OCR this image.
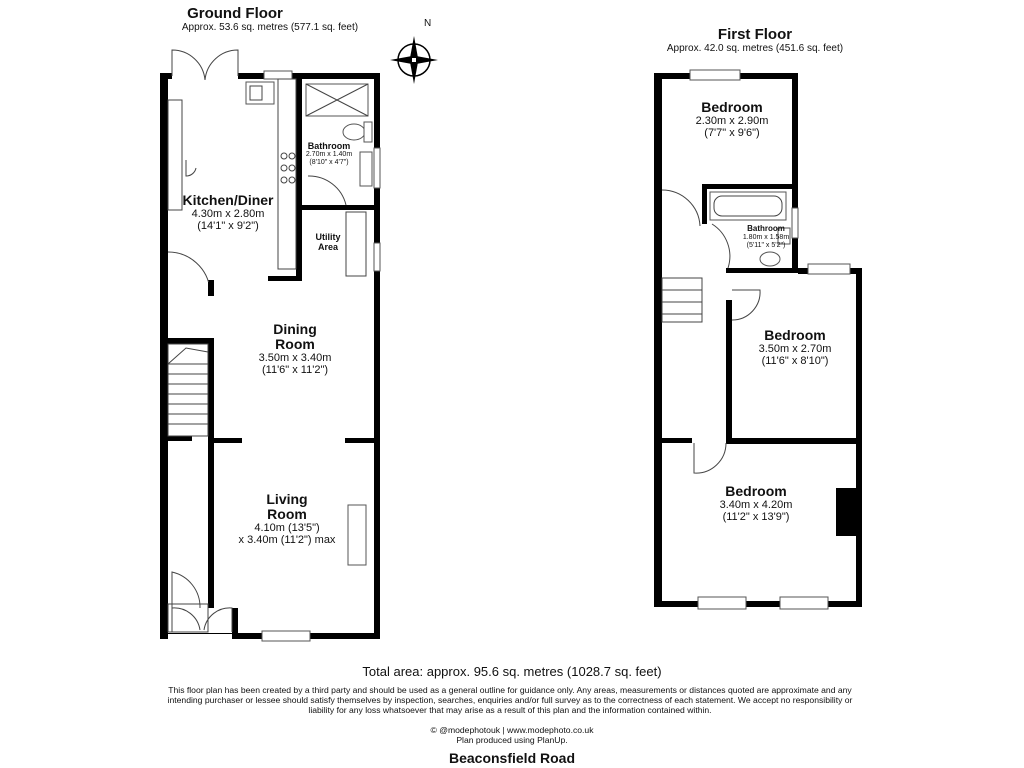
Ground Floor
Approx. 53.6 sq. metres (577.1 sq. feet)	First Floor
Approx. 42.0 sq. metres (451.6 sq. feet)
N
Kitchen/Diner
4.30m x 2.80m
(14'1" x 9'2")
Bathroom
2.70m x 1.40m
(8'10" x 4'7")
Utility Area
Dining Room
3.50m x 3.40m
(11'6" x 11'2")
Living Room
4.10m (13'5")
x 3.40m (11'2") max
Bedroom
2.30m x 2.90m
(7'7" x 9'6")
Bathroom
1.80m x 1.58m
(5'11" x 5'2")
Bedroom
3.50m x 2.70m
(11'6" x 8'10")
Bedroom
3.40m x 4.20m
(11'2" x 13'9")
Total area: approx. 95.6 sq. metres (1028.7 sq. feet)
This floor plan has been created by a third party and should be used as a general outline for guidance only. Any areas, measurements or distances quoted are approximate and any intending purchaser or lessee should satisfy themselves by inspection, searches, enquiries and/or full survey as to the correctness of each statement. We accept no responsibility or liability for any loss whatsoever that may arise as a result of this plan and the information contained within.
© @modephotouk | www.modephoto.co.uk
Plan produced using PlanUp.
Beaconsfield Road
